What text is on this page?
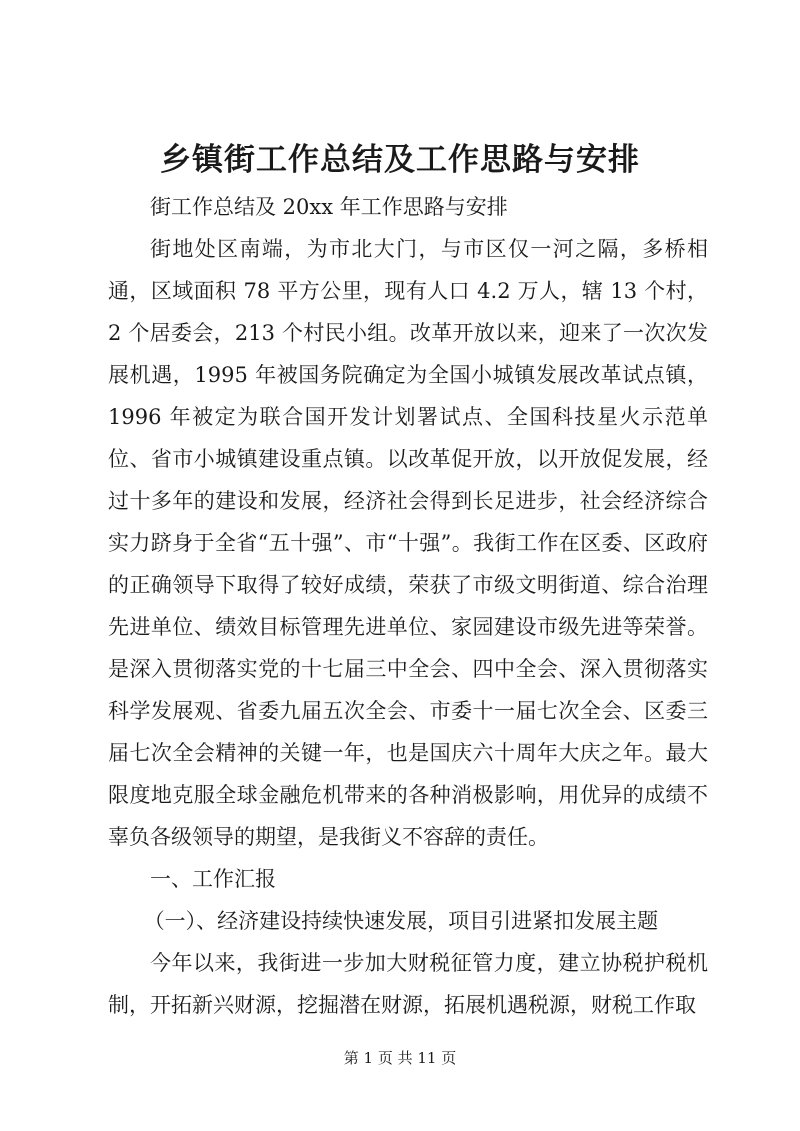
乡镇街工作总结及工作思路与安排

街工作总结及 20xx 年工作思路与安排

街地处区南端，为市北大门，与市区仅一河之隔，多桥相通，区域面积 78 平方公里，现有人口 4.2 万人，辖 13 个村，2 个居委会，213 个村民小组。改革开放以来，迎来了一次次发展机遇，1995 年被国务院确定为全国小城镇发展改革试点镇，1996 年被定为联合国开发计划署试点、全国科技星火示范单位、省市小城镇建设重点镇。以改革促开放，以开放促发展，经过十多年的建设和发展，经济社会得到长足进步，社会经济综合实力跻身于全省“五十强”、市“十强”。我街工作在区委、区政府的正确领导下取得了较好成绩，荣获了市级文明街道、综合治理先进单位、绩效目标管理先进单位、家园建设市级先进等荣誉。是深入贯彻落实党的十七届三中全会、四中全会、深入贯彻落实科学发展观、省委九届五次全会、市委十一届七次全会、区委三届七次全会精神的关键一年，也是国庆六十周年大庆之年。最大限度地克服全球金融危机带来的各种消极影响，用优异的成绩不辜负各级领导的期望，是我街义不容辞的责任。

一、工作汇报

（一）、经济建设持续快速发展，项目引进紧扣发展主题

今年以来，我街进一步加大财税征管力度，建立协税护税机制，开拓新兴财源，挖掘潜在财源，拓展机遇税源，财税工作取

第 1 页 共 11 页
